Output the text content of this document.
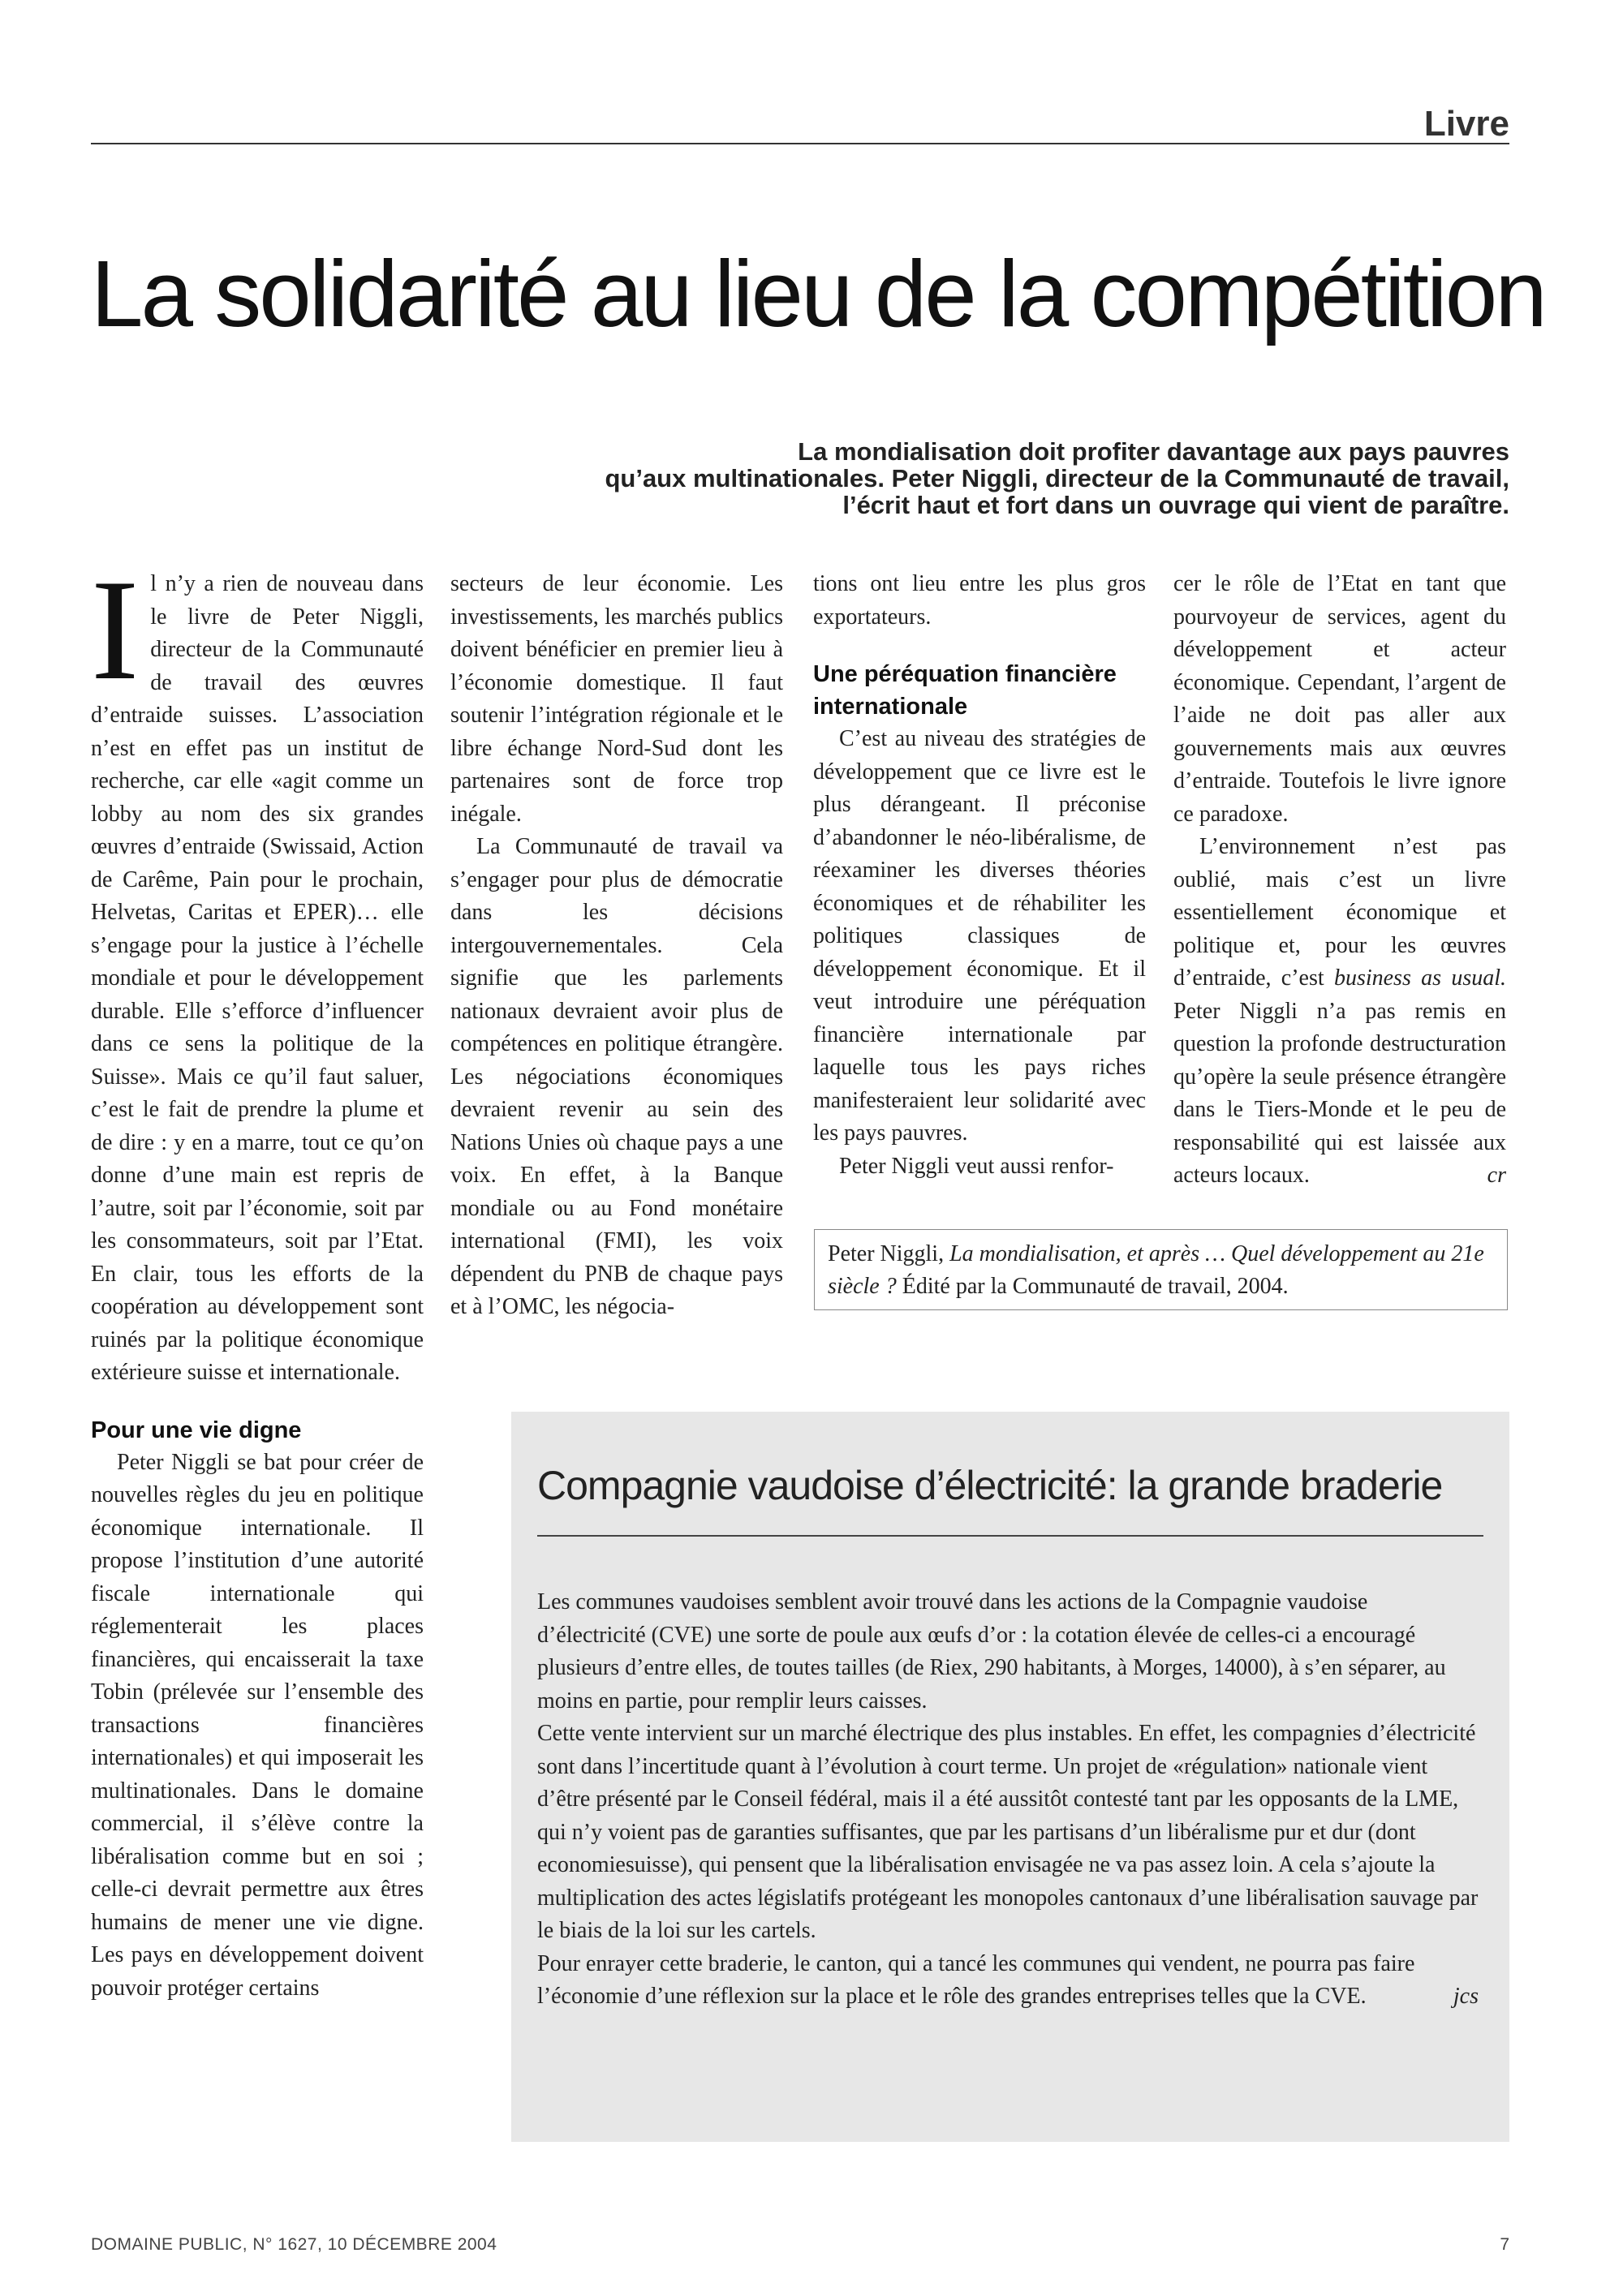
Livre
La solidarité au lieu de la compétition
La mondialisation doit profiter davantage aux pays pauvres
qu’aux multinationales. Peter Niggli, directeur de la Communauté de travail,
l’écrit haut et fort dans un ouvrage qui vient de paraître.

Il n’y a rien de nouveau dans le livre de Peter Niggli, directeur de la Communauté de travail des œuvres d’entraide suisses. L’association n’est en effet pas un institut de recherche, car elle «agit comme un lobby au nom des six grandes œuvres d’entraide (Swissaid, Action de Carême, Pain pour le prochain, Helvetas, Caritas et EPER)… elle s’engage pour la justice à l’échelle mondiale et pour le développement durable. Elle s’efforce d’influencer dans ce sens la politique de la Suisse». Mais ce qu’il faut saluer, c’est le fait de prendre la plume et de dire : y en a marre, tout ce qu’on donne d’une main est repris de l’autre, soit par l’économie, soit par les consommateurs, soit par l’Etat. En clair, tous les efforts de la coopération au développement sont ruinés par la politique économique extérieure suisse et internationale.

Pour une vie digne

Peter Niggli se bat pour créer de nouvelles règles du jeu en politique économique internationale. Il propose l’institution d’une autorité fiscale internationale qui réglementerait les places financières, qui encaisserait la taxe Tobin (prélevée sur l’ensemble des transactions financières internationales) et qui imposerait les multinationales. Dans le domaine commercial, il s’élève contre la libéralisation comme but en soi ; celle-ci devrait permettre aux êtres humains de mener une vie digne. Les pays en développement doivent pouvoir protéger certains

secteurs de leur économie. Les investissements, les marchés publics doivent bénéficier en premier lieu à l’économie domestique. Il faut soutenir l’intégration régionale et le libre échange Nord-Sud dont les partenaires sont de force trop inégale.

La Communauté de travail va s’engager pour plus de démocratie dans les décisions intergouvernementales. Cela signifie que les parlements nationaux devraient avoir plus de compétences en politique étrangère. Les négociations économiques devraient revenir au sein des Nations Unies où chaque pays a une voix. En effet, à la Banque mondiale ou au Fond monétaire international (FMI), les voix dépendent du PNB de chaque pays et à l’OMC, les négocia-

tions ont lieu entre les plus gros exportateurs.

Une péréquation financière internationale

C’est au niveau des stratégies de développement que ce livre est le plus dérangeant. Il préconise d’abandonner le néo-libéralisme, de réexaminer les diverses théories économiques et de réhabiliter les politiques classiques de développement économique. Et il veut introduire une péréquation financière internationale par laquelle tous les pays riches manifesteraient leur solidarité avec les pays pauvres.

Peter Niggli veut aussi renfor-

cer le rôle de l’Etat en tant que pourvoyeur de services, agent du développement et acteur économique. Cependant, l’argent de l’aide ne doit pas aller aux gouvernements mais aux œuvres d’entraide. Toutefois le livre ignore ce paradoxe.

L’environnement n’est pas oublié, mais c’est un livre essentiellement économique et politique et, pour les œuvres d’entraide, c’est business as usual. Peter Niggli n’a pas remis en question la profonde destructuration qu’opère la seule présence étrangère dans le Tiers-Monde et le peu de responsabilité qui est laissée aux acteurs locaux.	cr

Peter Niggli, La mondialisation, et après … Quel développement au 21e siècle ? Édité par la Communauté de travail, 2004.
Compagnie vaudoise d’électricité: la grande braderie

Les communes vaudoises semblent avoir trouvé dans les actions de la Compagnie vaudoise d’électricité (CVE) une sorte de poule aux œufs d’or : la cotation élevée de celles-ci a encouragé plusieurs d’entre elles, de toutes tailles (de Riex, 290 habitants, à Morges, 14000), à s’en séparer, au moins en partie, pour remplir leurs caisses.

Cette vente intervient sur un marché électrique des plus instables. En effet, les compagnies d’électricité sont dans l’incertitude quant à l’évolution à court terme. Un projet de «régulation» nationale vient d’être présenté par le Conseil fédéral, mais il a été aussitôt contesté tant par les opposants de la LME, qui n’y voient pas de garanties suffisantes, que par les partisans d’un libéralisme pur et dur (dont economiesuisse), qui pensent que la libéralisation envisagée ne va pas assez loin. A cela s’ajoute la multiplication des actes législatifs protégeant les monopoles cantonaux d’une libéralisation sauvage par le biais de la loi sur les cartels.

Pour enrayer cette braderie, le canton, qui a tancé les communes qui vendent, ne pourra pas faire l’économie d’une réflexion sur la place et le rôle des grandes entreprises telles que la CVE.	jcs

DOMAINE PUBLIC, N° 1627, 10 DÉCEMBRE 2004	7
